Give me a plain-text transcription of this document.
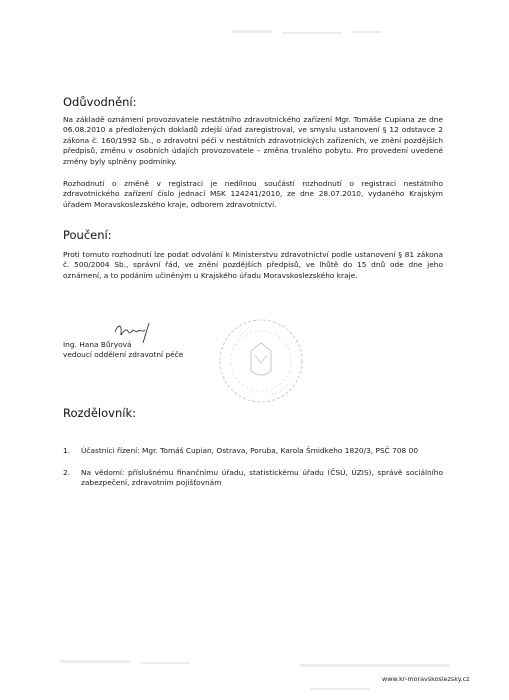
Odůvodnění:
Na základě oznámení provozovatele nestátního zdravotnického zařízení Mgr. Tomáše Cupiana ze dne 06.08.2010 a předložených dokladů zdejší úřad zaregistroval, ve smyslu ustanovení § 12 odstavce 2 zákona č. 160/1992 Sb., o zdravotní péči v nestátních zdravotnických zařízeních, ve znění pozdějších předpisů, změnu v osobních údajích provozovatele – změna trvalého pobytu. Pro provedení uvedené změny byly splněny podmínky.
Rozhodnutí o změně v registraci je nedílnou součástí rozhodnutí o registraci nestátního zdravotnického zařízení číslo jednací MSK 124241/2010, ze dne 28.07.2010, vydaného Krajským úřadem Moravskoslezského kraje, odborem zdravotnictví.
Poučení:
Proti tomuto rozhodnutí lze podat odvolání k Ministerstvu zdravotnictví podle ustanovení § 81 zákona č. 500/2004 Sb., správní řád, ve znění pozdějších předpisů, ve lhůtě do 15 dnů ode dne jeho oznámení, a to podáním učiněným u Krajského úřadu Moravskoslezského kraje.
Ing. Hana Bůryová
vedoucí oddělení zdravotní péče
Rozdělovník:
1. Účastníci řízení: Mgr. Tomáš Cupian, Ostrava, Poruba, Karola Šmidkeho 1820/3, PSČ 708 00
2. Na vědomí: příslušnému finančnímu úřadu, statistickému úřadu (ČSÚ, ÚZIS), správě sociálního zabezpečení, zdravotním pojišťovnám
www.kr-moravskoslezsky.cz
